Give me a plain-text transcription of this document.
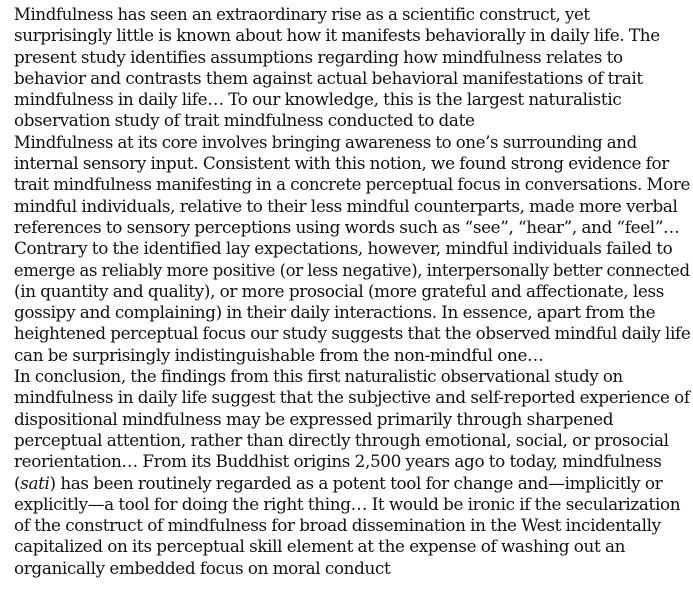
Mindfulness has seen an extraordinary rise as a scientific construct, yet
surprisingly little is known about how it manifests behaviorally in daily life. The
present study identifies assumptions regarding how mindfulness relates to
behavior and contrasts them against actual behavioral manifestations of trait
mindfulness in daily life… To our knowledge, this is the largest naturalistic
observation study of trait mindfulness conducted to date

Mindfulness at its core involves bringing awareness to one’s surrounding and
internal sensory input. Consistent with this notion, we found strong evidence for
trait mindfulness manifesting in a concrete perceptual focus in conversations. More
mindful individuals, relative to their less mindful counterparts, made more verbal
references to sensory perceptions using words such as “see”, “hear”, and “feel”…
Contrary to the identified lay expectations, however, mindful individuals failed to
emerge as reliably more positive (or less negative), interpersonally better connected
(in quantity and quality), or more prosocial (more grateful and affectionate, less
gossipy and complaining) in their daily interactions. In essence, apart from the
heightened perceptual focus our study suggests that the observed mindful daily life
can be surprisingly indistinguishable from the non-mindful one…

In conclusion, the findings from this first naturalistic observational study on
mindfulness in daily life suggest that the subjective and self-reported experience of
dispositional mindfulness may be expressed primarily through sharpened
perceptual attention, rather than directly through emotional, social, or prosocial
reorientation… From its Buddhist origins 2,500 years ago to today, mindfulness
(sati) has been routinely regarded as a potent tool for change and—implicitly or
explicitly—a tool for doing the right thing… It would be ironic if the secularization
of the construct of mindfulness for broad dissemination in the West incidentally
capitalized on its perceptual skill element at the expense of washing out an
organically embedded focus on moral conduct
